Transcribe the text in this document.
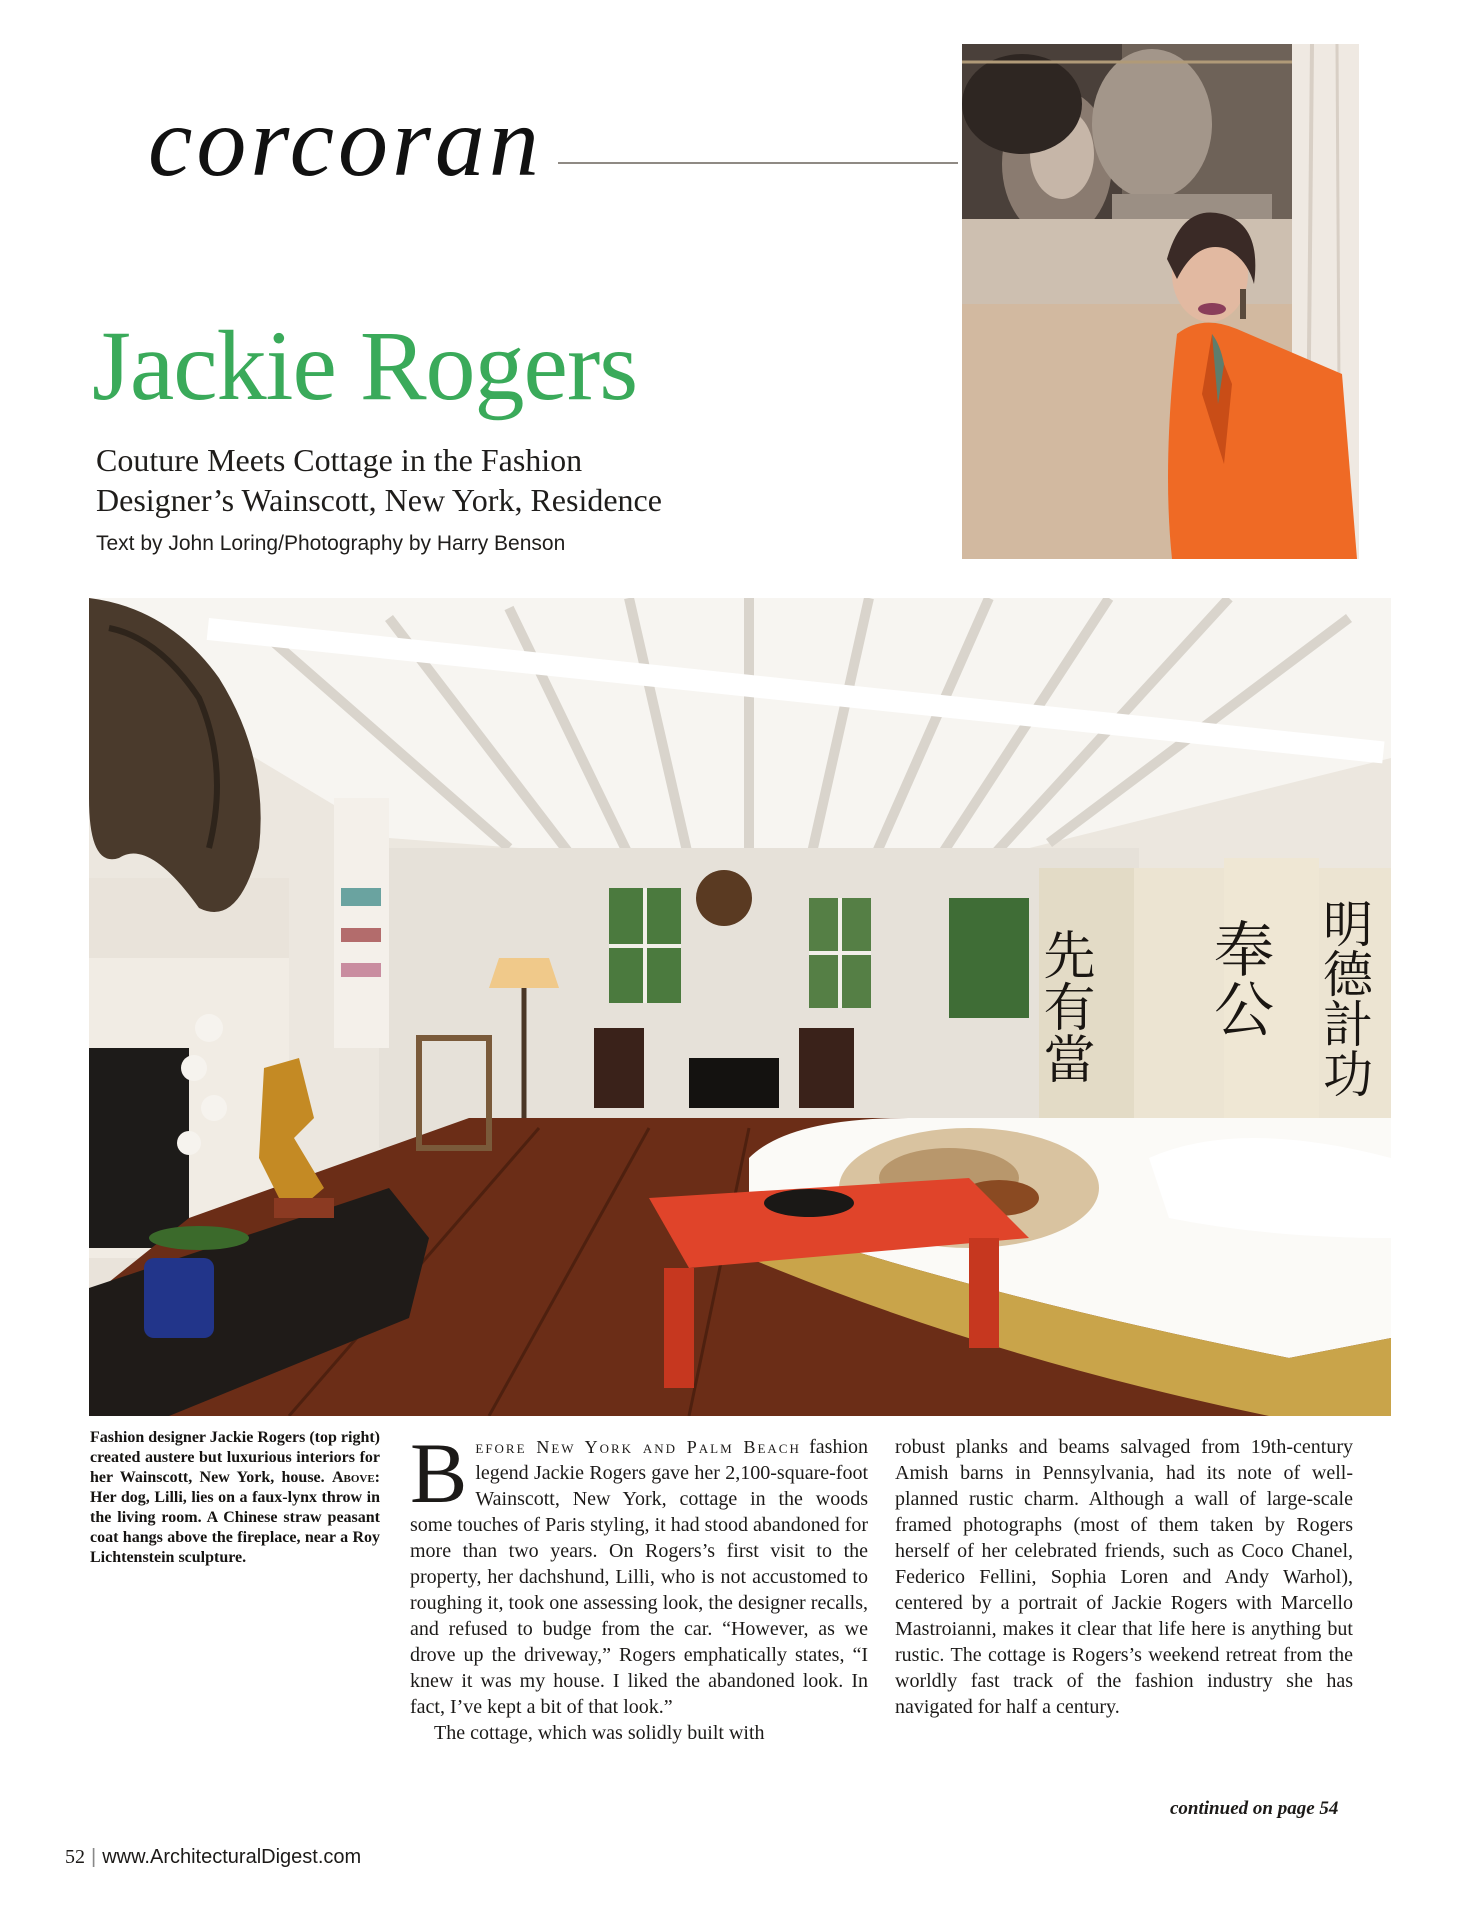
corcoran
Jackie Rogers
Couture Meets Cottage in the Fashion
Designer’s Wainscott, New York, Residence
Text by John Loring/Photography by Harry Benson
先有當 奉公 明德計功
Fashion designer Jackie Rogers (top right) created austere but luxurious interiors for her Wainscott, New York, house. Above: Her dog, Lilli, lies on a faux-lynx throw in the living room. A Chinese straw peasant coat hangs above the fireplace, near a Roy Lichtenstein sculpture.

B efore New York and Palm Beach fashion legend Jackie Rogers gave her 2,100-square-foot Wainscott, New York, cottage in the woods some touches of Paris styling, it had stood abandoned for more than two years. On Rogers’s first visit to the property, her dachshund, Lilli, who is not accustomed to roughing it, took one assessing look, the designer recalls, and refused to budge from the car. “However, as we drove up the driveway,” Rogers emphatically states, “I knew it was my house. I liked the abandoned look. In fact, I’ve kept a bit of that look.”

The cottage, which was solidly built with

robust planks and beams salvaged from 19th-century Amish barns in Pennsylvania, had its note of well-planned rustic charm. Although a wall of large-scale framed photographs (most of them taken by Rogers herself of her celebrated friends, such as Coco Chanel, Federico Fellini, Sophia Loren and Andy Warhol), centered by a portrait of Jackie Rogers with Marcello Mastroianni, makes it clear that life here is anything but rustic. The cottage is Rogers’s weekend retreat from the worldly fast track of the fashion industry she has navigated for half a century.

continued on page 54
52 | www.ArchitecturalDigest.com
